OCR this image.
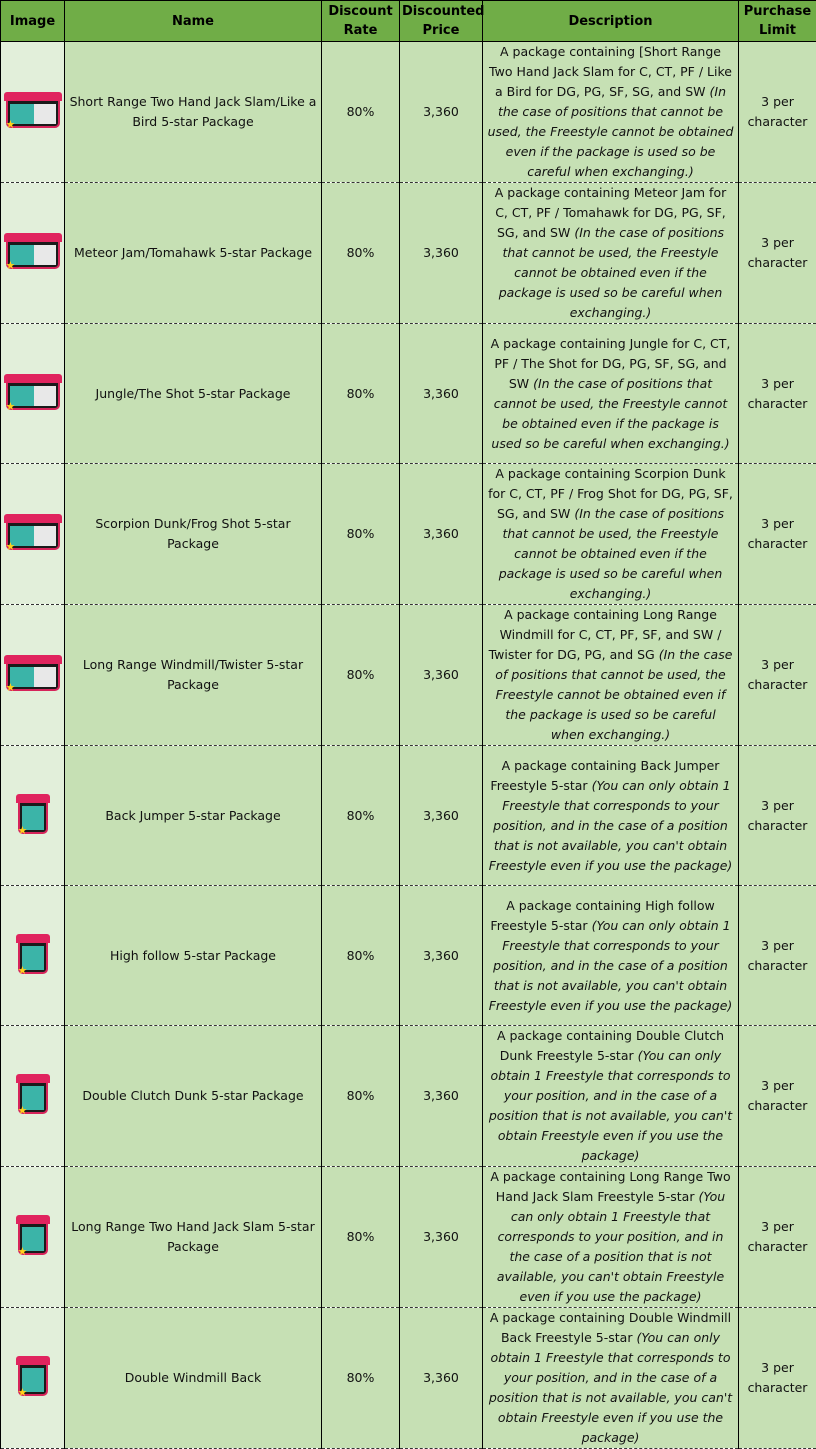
Image	Name	Discount Rate	Discounted Price	Description	Purchase Limit

★	Short Range Two Hand Jack Slam/Like a Bird 5-star Package	80%	3,360	A package containing [Short Range Two Hand Jack Slam for C, CT, PF / Like a Bird for DG, PG, SF, SG, and SW (In the case of positions that cannot be used, the Freestyle cannot be obtained even if the package is used so be careful when exchanging.)	3 per character

★	Meteor Jam/Tomahawk 5-star Package	80%	3,360	A package containing Meteor Jam for C, CT, PF / Tomahawk for DG, PG, SF, SG, and SW (In the case of positions that cannot be used, the Freestyle cannot be obtained even if the package is used so be careful when exchanging.)	3 per character

★	Jungle/The Shot 5-star Package	80%	3,360	A package containing Jungle for C, CT, PF / The Shot for DG, PG, SF, SG, and SW (In the case of positions that cannot be used, the Freestyle cannot be obtained even if the package is used so be careful when exchanging.)	3 per character

★	Scorpion Dunk/Frog Shot 5-star Package	80%	3,360	A package containing Scorpion Dunk for C, CT, PF / Frog Shot for DG, PG, SF, SG, and SW (In the case of positions that cannot be used, the Freestyle cannot be obtained even if the package is used so be careful when exchanging.)	3 per character

★	Long Range Windmill/Twister 5-star Package	80%	3,360	A package containing Long Range Windmill for C, CT, PF, SF, and SW / Twister for DG, PG, and SG (In the case of positions that cannot be used, the Freestyle cannot be obtained even if the package is used so be careful when exchanging.)	3 per character

★	Back Jumper 5-star Package	80%	3,360	A package containing Back Jumper Freestyle 5-star (You can only obtain 1 Freestyle that corresponds to your position, and in the case of a position that is not available, you can't obtain Freestyle even if you use the package)	3 per character

★	High follow 5-star Package	80%	3,360	A package containing High follow Freestyle 5-star (You can only obtain 1 Freestyle that corresponds to your position, and in the case of a position that is not available, you can't obtain Freestyle even if you use the package)	3 per character

★	Double Clutch Dunk 5-star Package	80%	3,360	A package containing Double Clutch Dunk Freestyle 5-star (You can only obtain 1 Freestyle that corresponds to your position, and in the case of a position that is not available, you can't obtain Freestyle even if you use the package)	3 per character

★	Long Range Two Hand Jack Slam 5-star Package	80%	3,360	A package containing Long Range Two Hand Jack Slam Freestyle 5-star (You can only obtain 1 Freestyle that corresponds to your position, and in the case of a position that is not available, you can't obtain Freestyle even if you use the package)	3 per character

★	Double Windmill Back	80%	3,360	A package containing Double Windmill Back Freestyle 5-star (You can only obtain 1 Freestyle that corresponds to your position, and in the case of a position that is not available, you can't obtain Freestyle even if you use the package)	3 per character
